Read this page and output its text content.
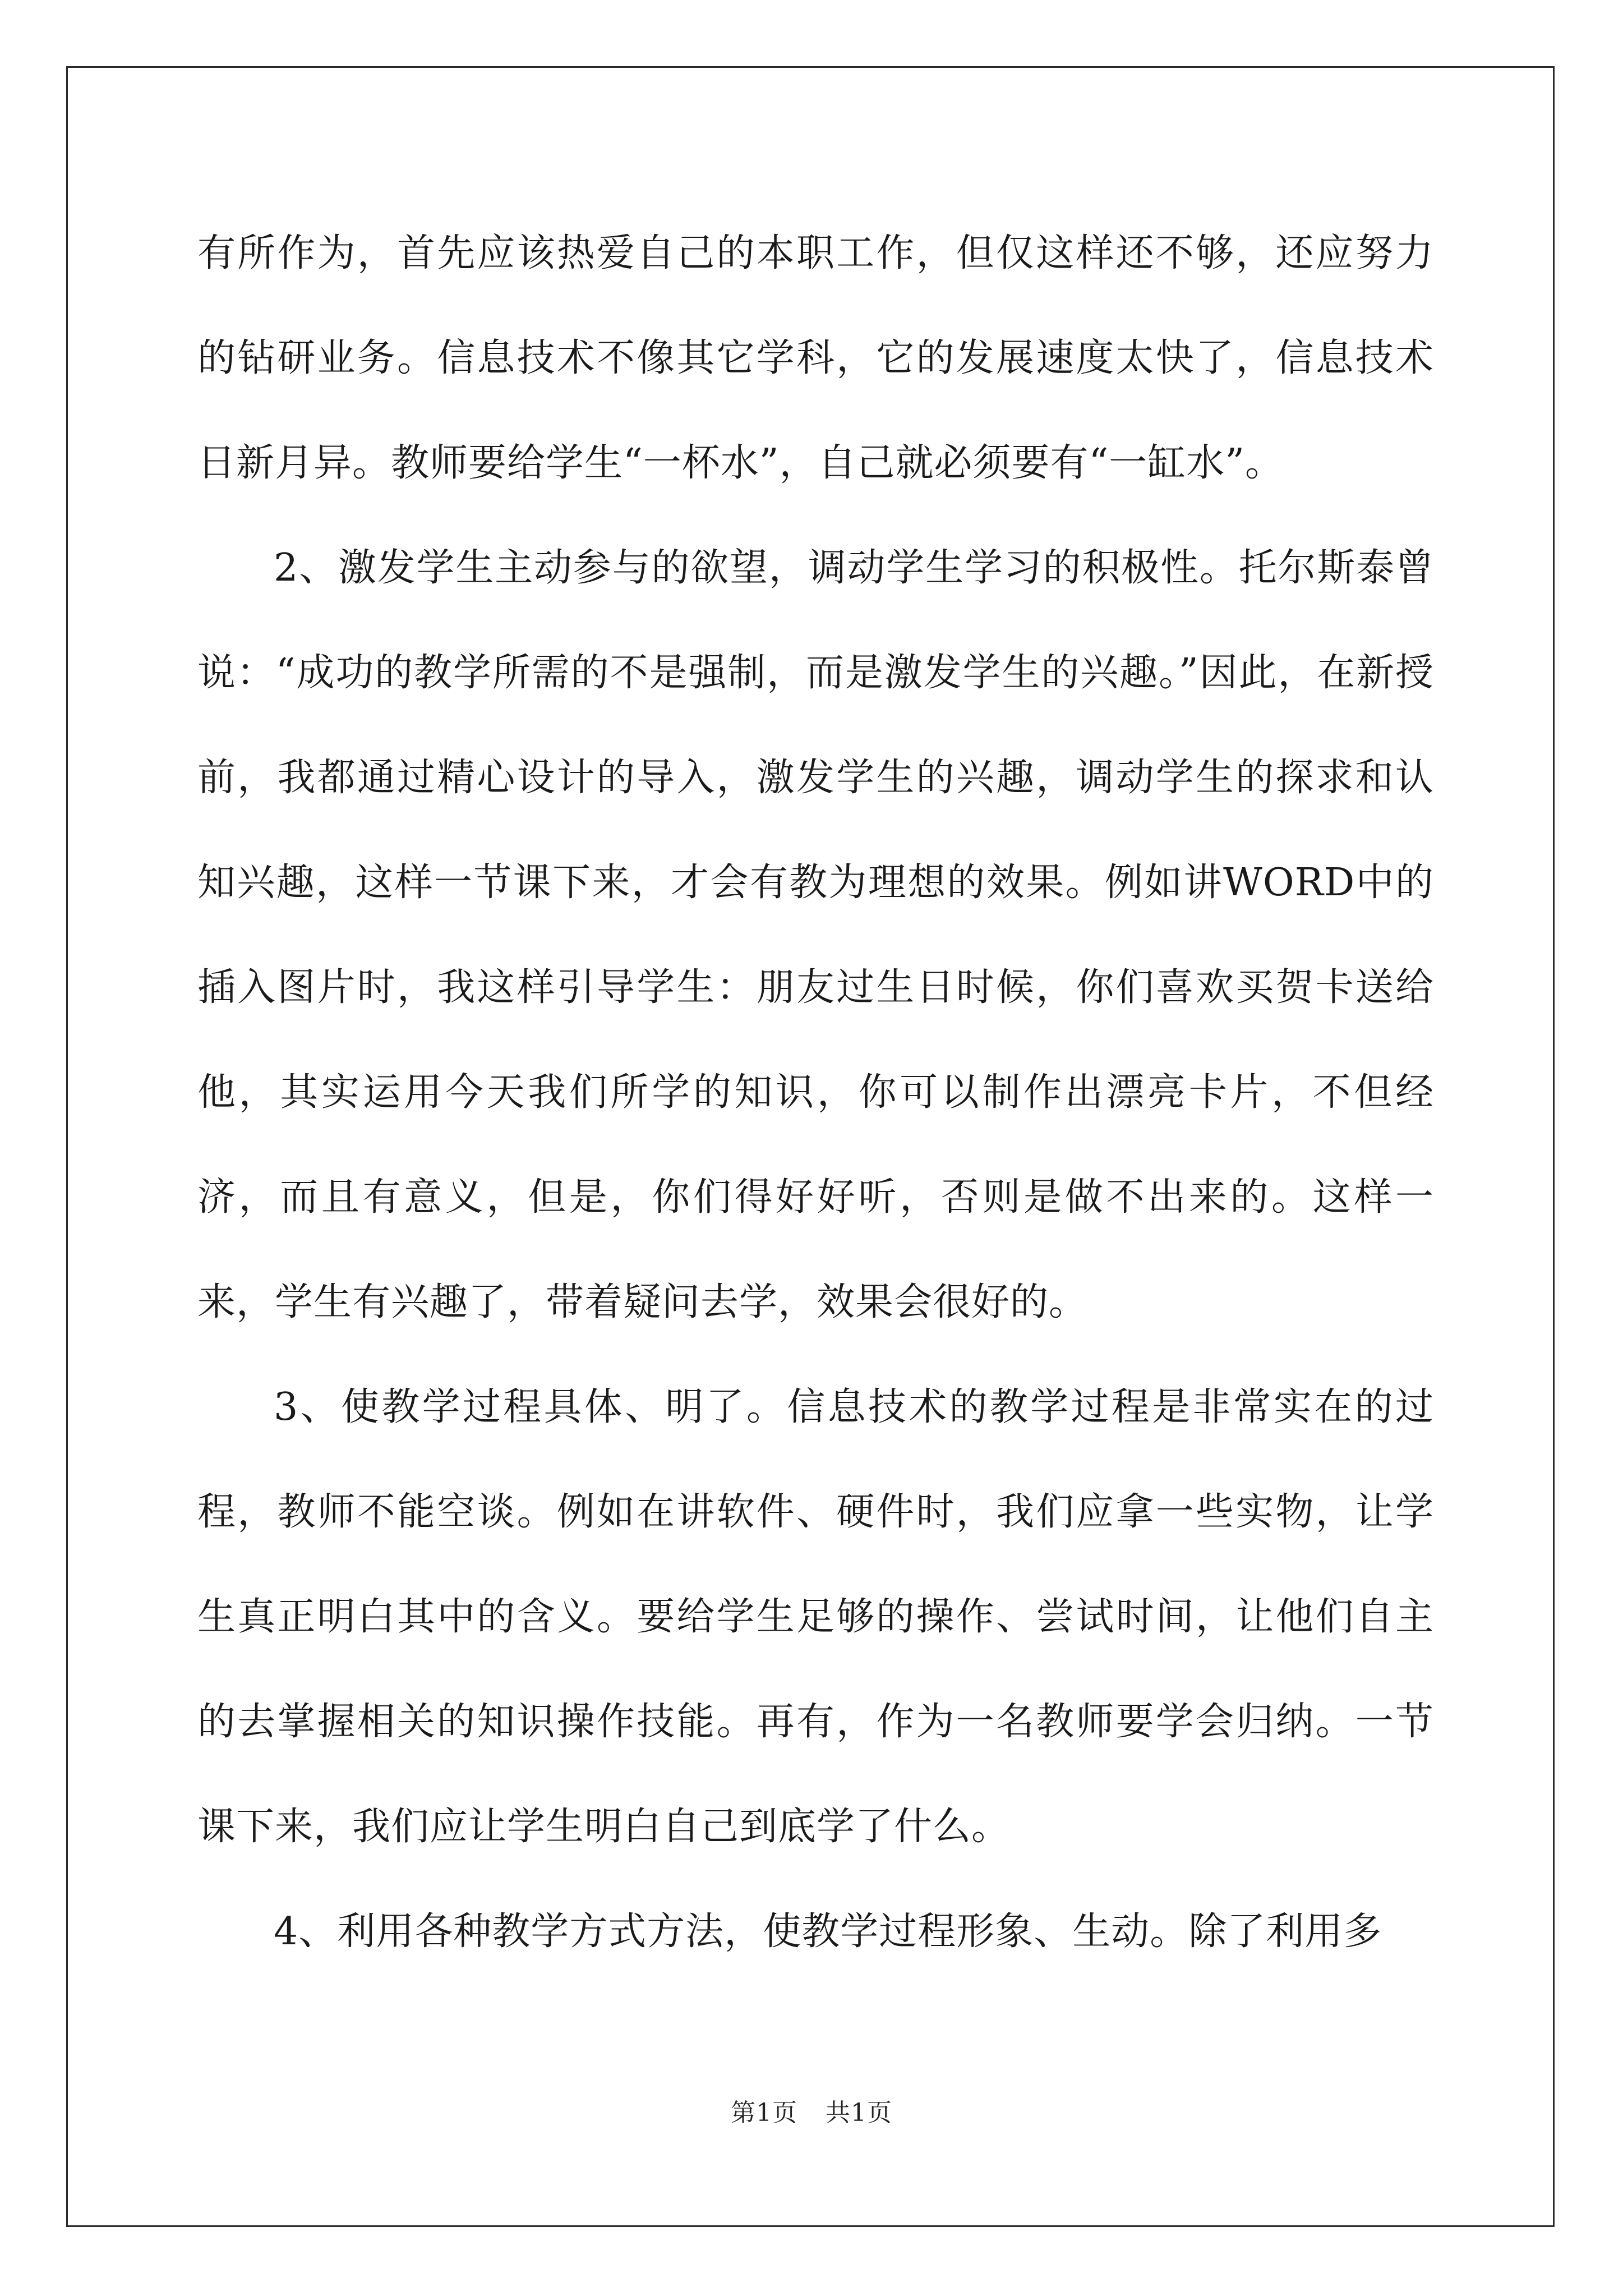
有所作为，首先应该热爱自己的本职工作，但仅这样还不够，还应努力的钻研业务。信息技术不像其它学科，它的发展速度太快了，信息技术日新月异。教师要给学生“一杯水”，自己就必须要有“一缸水”。

2、激发学生主动参与的欲望，调动学生学习的积极性。托尔斯泰曾说：“成功的教学所需的不是强制，而是激发学生的兴趣。”因此，在新授前，我都通过精心设计的导入，激发学生的兴趣，调动学生的探求和认知兴趣，这样一节课下来，才会有教为理想的效果。例如讲WORD中的插入图片时，我这样引导学生：朋友过生日时候，你们喜欢买贺卡送给他，其实运用今天我们所学的知识，你可以制作出漂亮卡片，不但经济，而且有意义，但是，你们得好好听，否则是做不出来的。这样一来，学生有兴趣了，带着疑问去学，效果会很好的。

3、使教学过程具体、明了。信息技术的教学过程是非常实在的过程，教师不能空谈。例如在讲软件、硬件时，我们应拿一些实物，让学生真正明白其中的含义。要给学生足够的操作、尝试时间，让他们自主的去掌握相关的知识操作技能。再有，作为一名教师要学会归纳。一节课下来，我们应让学生明白自己到底学了什么。

4、利用各种教学方式方法，使教学过程形象、生动。除了利用多

第1页 共1页
